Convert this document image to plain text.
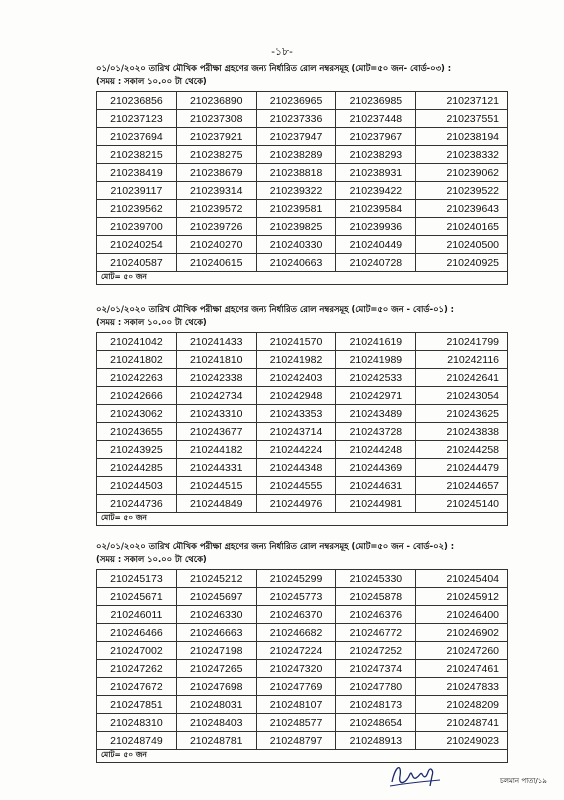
-১৮-
০১/০১/২০২০ তারিখ মৌখিক পরীক্ষা গ্রহণের জন্য নির্ধারিত রোল নম্বরসমূহ (মোট=৫০ জন- বোর্ড-০৩) :
(সময় : সকাল ১০.০০ টা থেকে)
210236856	210236890	210236965	210236985	210237121
210237123	210237308	210237336	210237448	210237551
210237694	210237921	210237947	210237967	210238194
210238215	210238275	210238289	210238293	210238332
210238419	210238679	210238818	210238931	210239062
210239117	210239314	210239322	210239422	210239522
210239562	210239572	210239581	210239584	210239643
210239700	210239726	210239825	210239936	210240165
210240254	210240270	210240330	210240449	210240500
210240587	210240615	210240663	210240728	210240925
মোট= ৫০ জন				
০২/০১/২০২০ তারিখ মৌখিক পরীক্ষা গ্রহণের জন্য নির্ধারিত রোল নম্বরসমূহ (মোট=৫০ জন - বোর্ড-০১) :
(সময় : সকাল ১০.০০ টা থেকে)
210241042	210241433	210241570	210241619	210241799
210241802	210241810	210241982	210241989	210242116
210242263	210242338	210242403	210242533	210242641
210242666	210242734	210242948	210242971	210243054
210243062	210243310	210243353	210243489	210243625
210243655	210243677	210243714	210243728	210243838
210243925	210244182	210244224	210244248	210244258
210244285	210244331	210244348	210244369	210244479
210244503	210244515	210244555	210244631	210244657
210244736	210244849	210244976	210244981	210245140
মোট= ৫০ জন				
০২/০১/২০২০ তারিখ মৌখিক পরীক্ষা গ্রহণের জন্য নির্ধারিত রোল নম্বরসমূহ (মোট=৫০ জন - বোর্ড-০২) :
(সময় : সকাল ১০.০০ টা থেকে)
210245173	210245212	210245299	210245330	210245404
210245671	210245697	210245773	210245878	210245912
210246011	210246330	210246370	210246376	210246400
210246466	210246663	210246682	210246772	210246902
210247002	210247198	210247224	210247252	210247260
210247262	210247265	210247320	210247374	210247461
210247672	210247698	210247769	210247780	210247833
210247851	210248031	210248107	210248173	210248209
210248310	210248403	210248577	210248654	210248741
210248749	210248781	210248797	210248913	210249023
মোট= ৫০ জন				
চলমান পাতা/১৯
